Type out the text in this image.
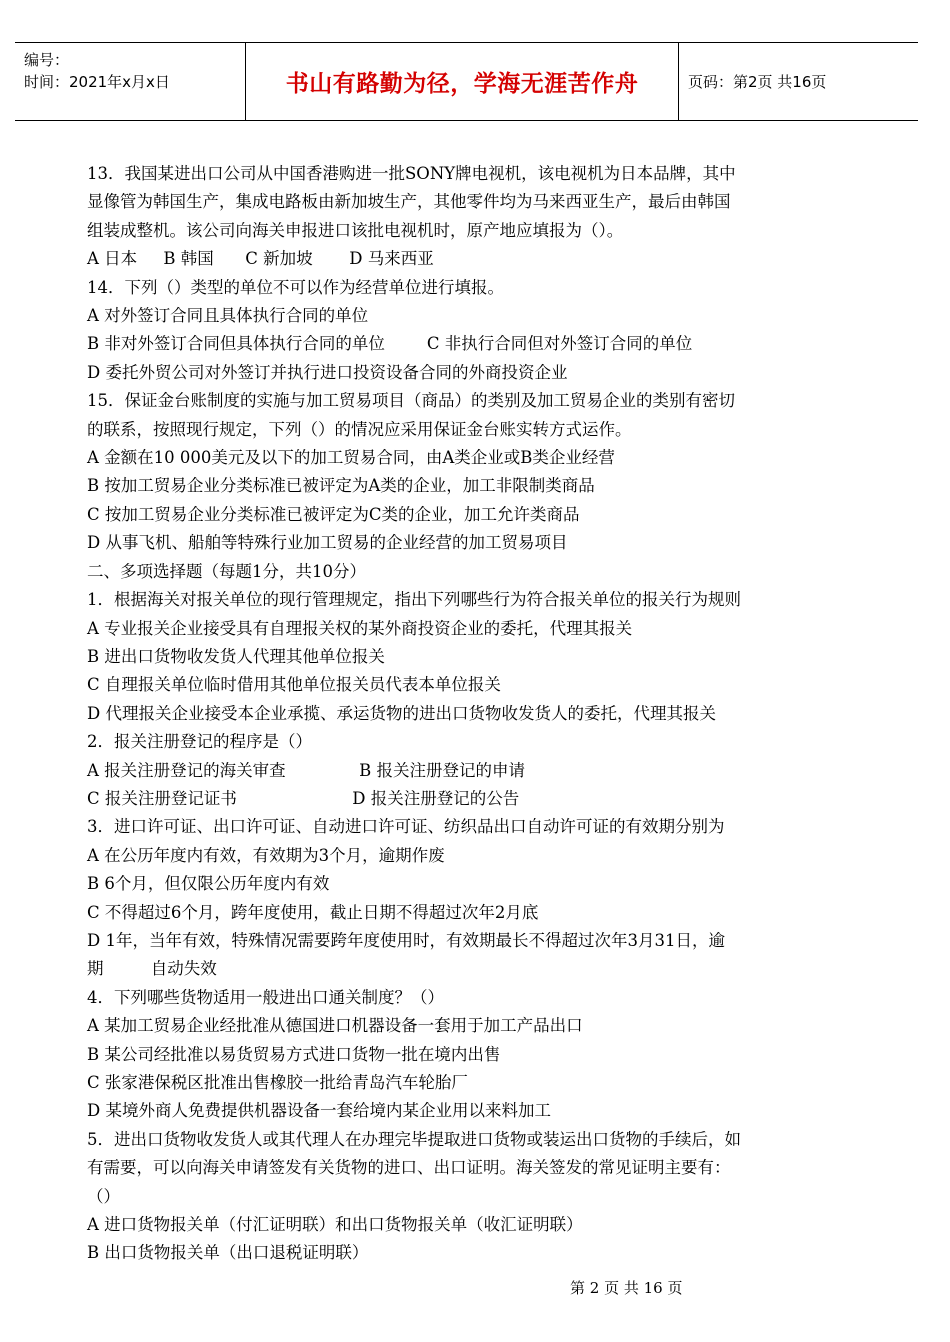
编号：
时间：2021年x月x日	书山有路勤为径，学海无涯苦作舟	页码：第2页 共16页

13．我国某进出口公司从中国香港购进一批SONY牌电视机，该电视机为日本品牌，其中

显像管为韩国生产，集成电路板由新加坡生产，其他零件均为马来西亚生产，最后由韩国

组装成整机。该公司向海关申报进口该批电视机时，原产地应填报为（）。

A 日本     B 韩国      C 新加坡       D 马来西亚

14．下列（）类型的单位不可以作为经营单位进行填报。

A 对外签订合同且具体执行合同的单位

B 非对外签订合同但具体执行合同的单位        C 非执行合同但对外签订合同的单位

D 委托外贸公司对外签订并执行进口投资设备合同的外商投资企业

15．保证金台账制度的实施与加工贸易项目（商品）的类别及加工贸易企业的类别有密切

的联系，按照现行规定，下列（）的情况应采用保证金台账实转方式运作。

A 金额在10 000美元及以下的加工贸易合同，由A类企业或B类企业经营

B 按加工贸易企业分类标准已被评定为A类的企业，加工非限制类商品

C 按加工贸易企业分类标准已被评定为C类的企业，加工允许类商品

D 从事飞机、船舶等特殊行业加工贸易的企业经营的加工贸易项目

二、多项选择题（每题1分，共10分）

1．根据海关对报关单位的现行管理规定，指出下列哪些行为符合报关单位的报关行为规则

A 专业报关企业接受具有自理报关权的某外商投资企业的委托，代理其报关

B 进出口货物收发货人代理其他单位报关

C 自理报关单位临时借用其他单位报关员代表本单位报关

D 代理报关企业接受本企业承揽、承运货物的进出口货物收发货人的委托，代理其报关

2．报关注册登记的程序是（）

A 报关注册登记的海关审查              B 报关注册登记的申请

C 报关注册登记证书                      D 报关注册登记的公告

3．进口许可证、出口许可证、自动进口许可证、纺织品出口自动许可证的有效期分别为

A 在公历年度内有效，有效期为3个月，逾期作废

B 6个月，但仅限公历年度内有效

C 不得超过6个月，跨年度使用，截止日期不得超过次年2月底

D 1年，当年有效，特殊情况需要跨年度使用时，有效期最长不得超过次年3月31日，逾

期         自动失效

4．下列哪些货物适用一般进出口通关制度？（）

A 某加工贸易企业经批准从德国进口机器设备一套用于加工产品出口

B 某公司经批准以易货贸易方式进口货物一批在境内出售

C 张家港保税区批准出售橡胶一批给青岛汽车轮胎厂

D 某境外商人免费提供机器设备一套给境内某企业用以来料加工

5．进出口货物收发货人或其代理人在办理完毕提取进口货物或装运出口货物的手续后，如

有需要，可以向海关申请签发有关货物的进口、出口证明。海关签发的常见证明主要有：

（）

A 进口货物报关单（付汇证明联）和出口货物报关单（收汇证明联）

B 出口货物报关单（出口退税证明联）

第 2 页 共 16 页
